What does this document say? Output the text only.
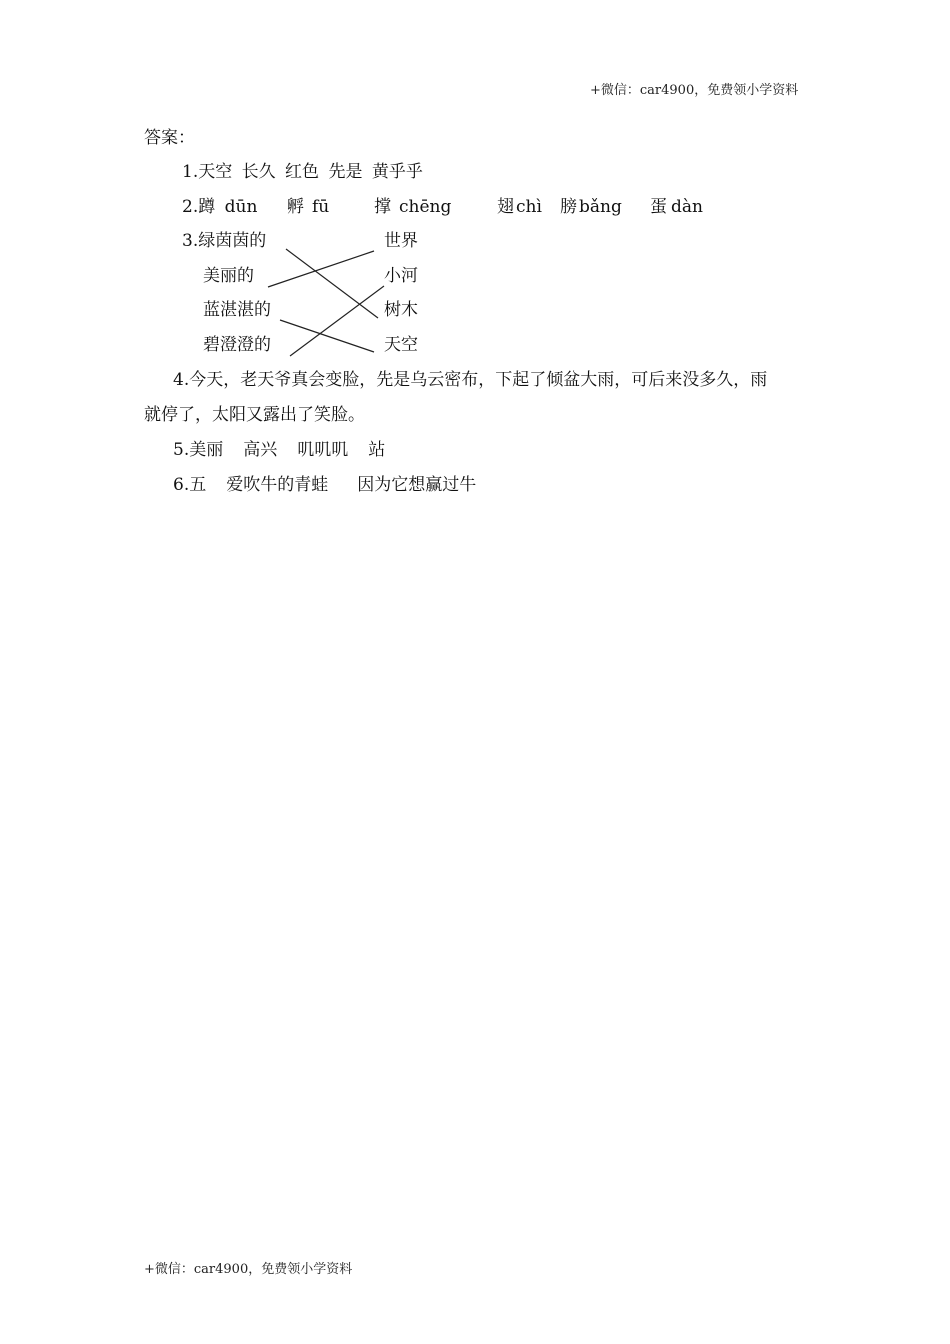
+微信：car4900，免费领小学资料
答案：
1.天空 长久 红色 先是 黄乎乎
2.蹲 dūn 孵 fū	撑 chēng	翅 chì 膀 bǎng 蛋 dàn
3.绿茵茵的
美丽的
蓝湛湛的
碧澄澄的
世界
小河
树木
天空
4.今天，老天爷真会变脸，先是乌云密布，下起了倾盆大雨，可后来没多久，雨
就停了，太阳又露出了笑脸。
5.美丽 高兴 叽叽叽 站
6.五 爱吹牛的青蛙 因为它想赢过牛
+微信：car4900，免费领小学资料
